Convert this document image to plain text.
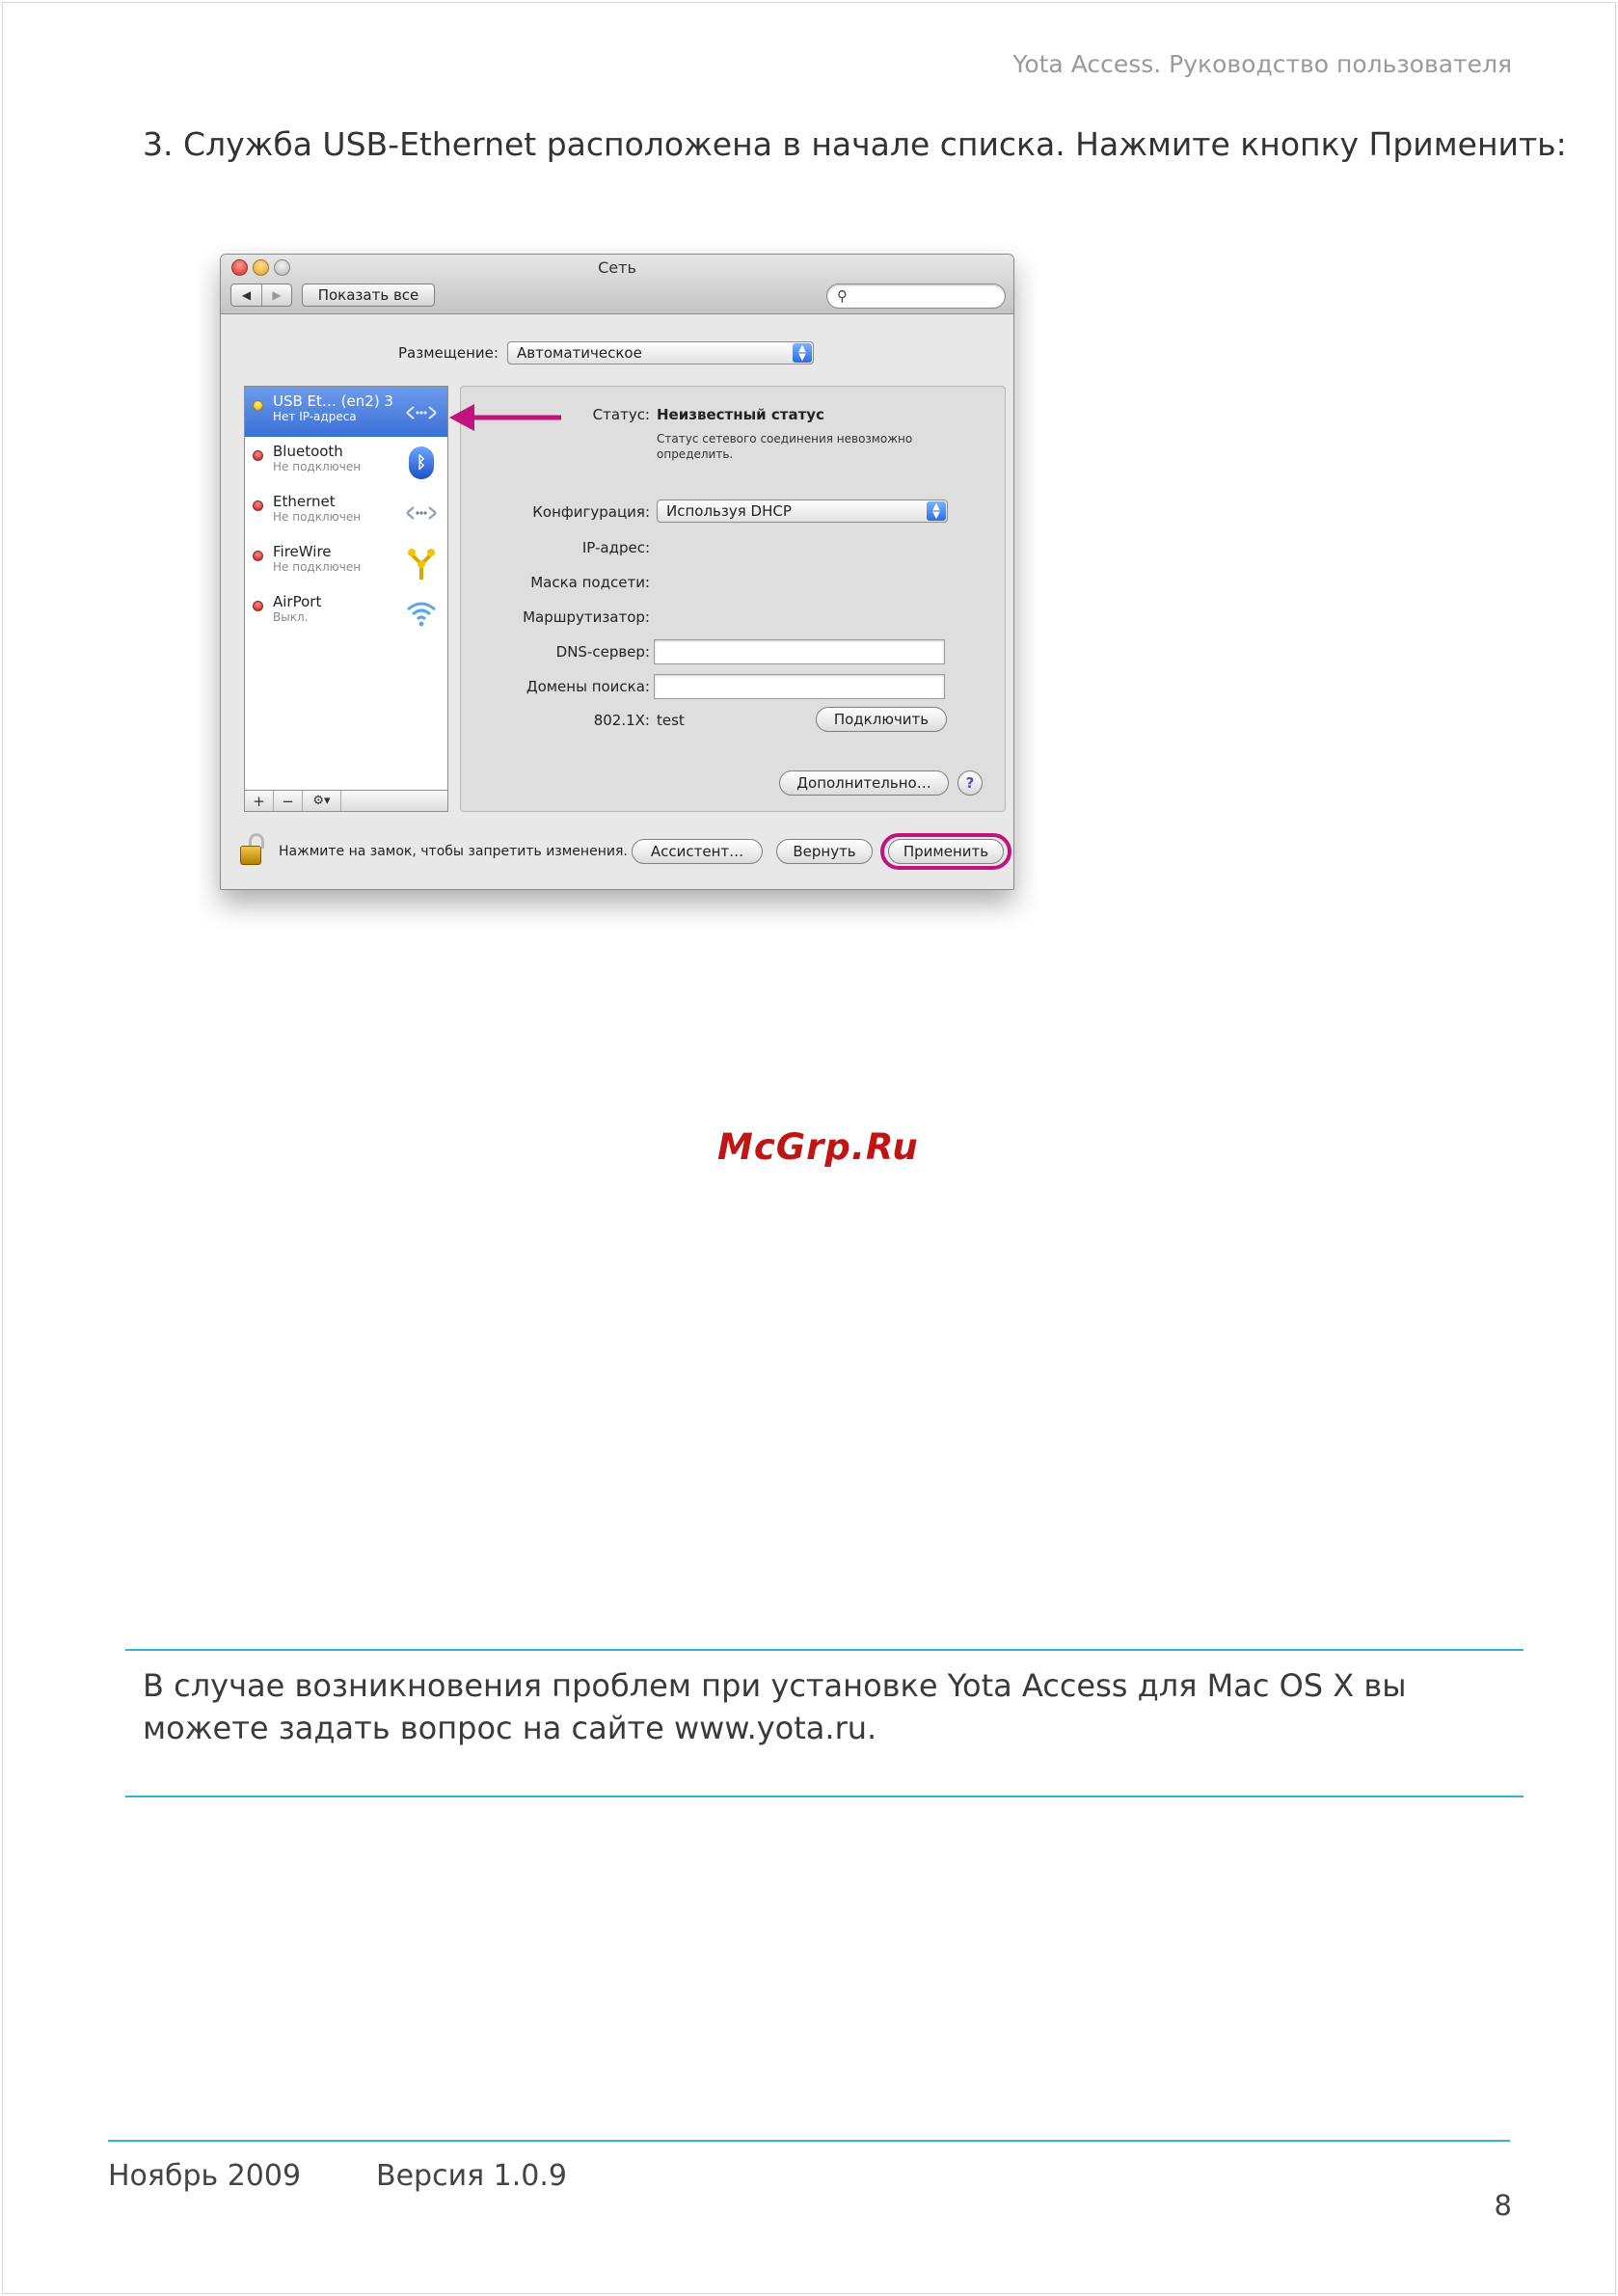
Yota Access. Руководство пользователя
3. Служба USB-Ethernet расположена в начале списка. Нажмите кнопку Применить:
Сеть
◀	▶	Показать все	⚲
Размещение: Автоматическое	▲
▼
USB Et… (en2) 3
Нет IP-адреса
Bluetooth
Не подключен	ᛒ
Ethernet
Не подключен
FireWire
Не подключен
AirPort
Выкл.
+	−	⚙▾
Статус: Неизвестный статус
Статус сетевого соединения невозможно определить.
Конфигурация: Используя DHCP	▲
▼
IP-адрес:
Маска подсети:
Маршрутизатор:
DNS-сервер:
Домены поиска:
802.1X: test	Подключить
Дополнительно…	?
Нажмите на замок, чтобы запретить изменения.	Ассистент…	Вернуть	Применить
McGrp.Ru
В случае возникновения проблем при установке Yota Access для Mac OS X вы можете задать вопрос на сайте www.yota.ru.
Ноябрь 2009	Версия 1.0.9
8
